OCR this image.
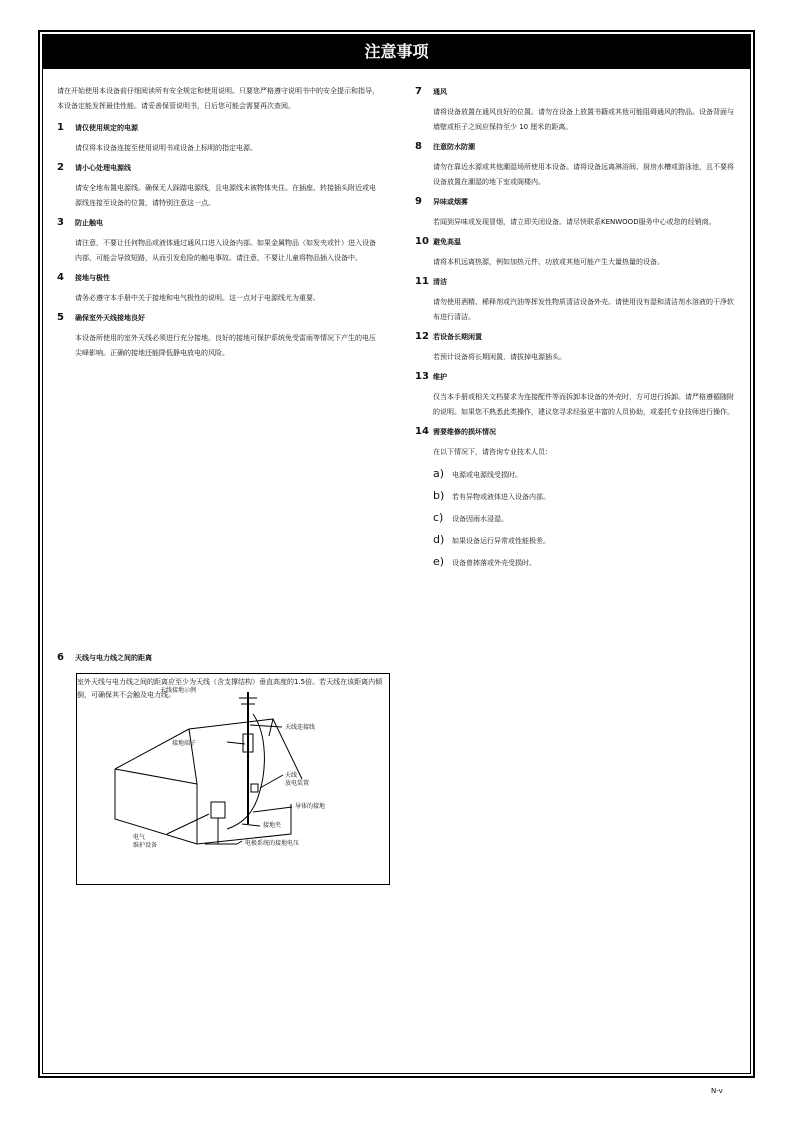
注意事项

请在开始使用本设备前仔细阅读所有安全规定和使用说明。只要您严格遵守说明书中的安全提示和指导，本设备定能发挥最佳性能。请妥善保管说明书，日后您可能会需要再次查阅。

1	请仅使用规定的电源
请仅将本设备连接至使用说明书或设备上标明的指定电源。
2	请小心处理电源线
请安全地布置电源线。确保无人踩踏电源线，且电源线未被物体夹住。在插座、转接插头附近或电源线连接至设备的位置，请特别注意这一点。
3	防止触电
请注意，不要让任何物品或液体通过通风口进入设备内部。如果金属物品（如发夹或针）进入设备内部，可能会导致短路，从而引发危险的触电事故。请注意，不要让儿童将物品插入设备中。
4	接地与极性
请务必遵守本手册中关于接地和电气极性的说明。这一点对于电源线尤为重要。
5	确保室外天线接地良好
本设备所使用的室外天线必须进行充分接地。良好的接地可保护系统免受雷雨等情况下产生的电压尖峰影响。正确的接地还能降低静电放电的风险。
7	通风
请将设备放置在通风良好的位置。请勿在设备上放置书籍或其他可能阻碍通风的物品。设备背面与墙壁或柜子之间应保持至少 10 厘米的距离。
8	注意防水防潮
请勿在靠近水源或其他潮湿场所使用本设备。请将设备远离淋浴间、厨房水槽或游泳池，且不要将设备放置在潮湿的地下室或阁楼内。
9	异味或烟雾
若闻到异味或发现冒烟，请立即关闭设备。请尽快联系KENWOOD服务中心或您的经销商。
10 避免高温
请将本机远离热源，例如加热元件、功放或其他可能产生大量热量的设备。
11 清洁
请勿使用酒精、稀释剂或汽油等挥发性物质清洁设备外壳。请使用没有湿和清洁剂水溶液的干净软布进行清洁。
12 若设备长期闲置
若预计设备将长期闲置，请拔掉电源插头。
13 维护
仅当本手册或相关文档要求为连接配件等而拆卸本设备的外壳时，方可进行拆卸。请严格遵循随附的说明。如果您不熟悉此类操作，建议您寻求经验更丰富的人员协助，或委托专业技师进行操作。
14 需要维修的损坏情况
在以下情况下，请咨询专业技术人员：
a)	电源或电源线受损时。
b)	若有异物或液体进入设备内部。
c)	设备因雨水浸湿。
d)	如果设备运行异常或性能极差。
e)	设备曾摔落或外壳受损时。
6	天线与电力线之间的距离
室外天线与电力线之间的距离应至少为天线（含支撑结构）垂直高度的1.5倍。若天线在该距离内倾倒，可确保其不会触及电力线。
天线接地示例
天线连接线
接地端子
天线
放电装置
导体的接地
接地夹
电气
维护设备	电极系统的接地电压
N-v
